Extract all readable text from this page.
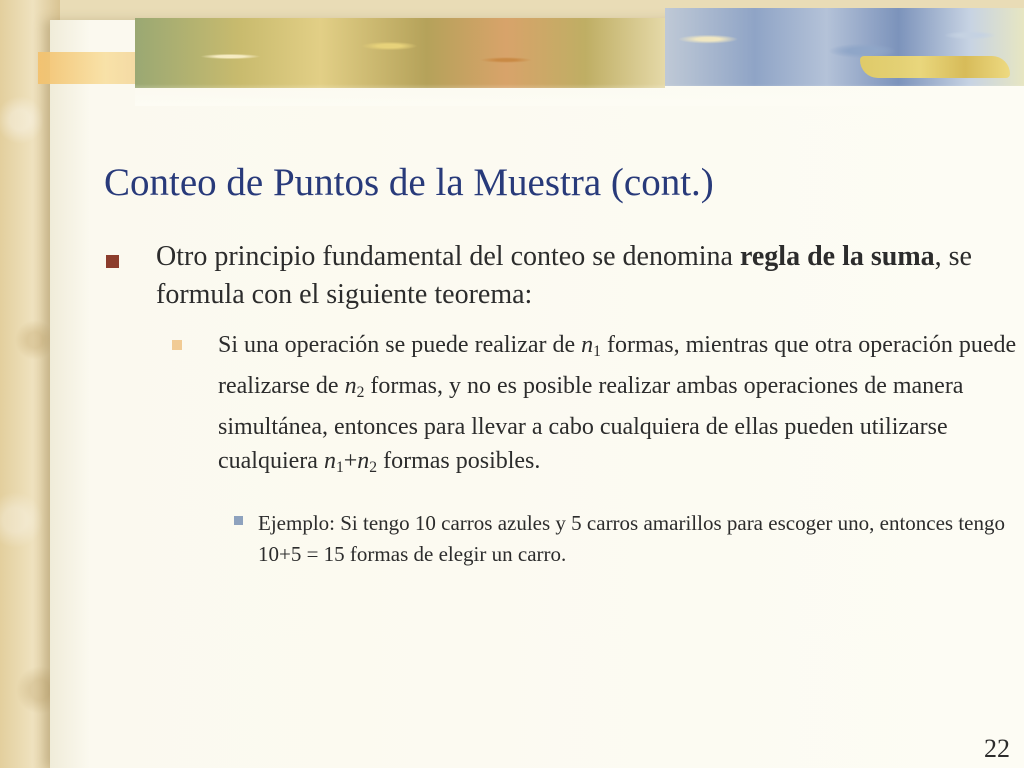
Conteo de Puntos de la Muestra (cont.)
Otro principio fundamental del conteo se denomina regla de la suma, se formula con el siguiente teorema:
Si una operación se puede realizar de $n_1$ formas, mientras que otra operación puede realizarse de $n_2$ formas, y no es posible realizar ambas operaciones de manera simultánea, entonces para llevar a cabo cualquiera de ellas pueden utilizarse cualquiera $n_1+n_2$ formas posibles.
Ejemplo: Si tengo 10 carros azules y 5 carros amarillos para escoger uno, entonces tengo 10+5 = 15 formas de elegir un carro.
22
